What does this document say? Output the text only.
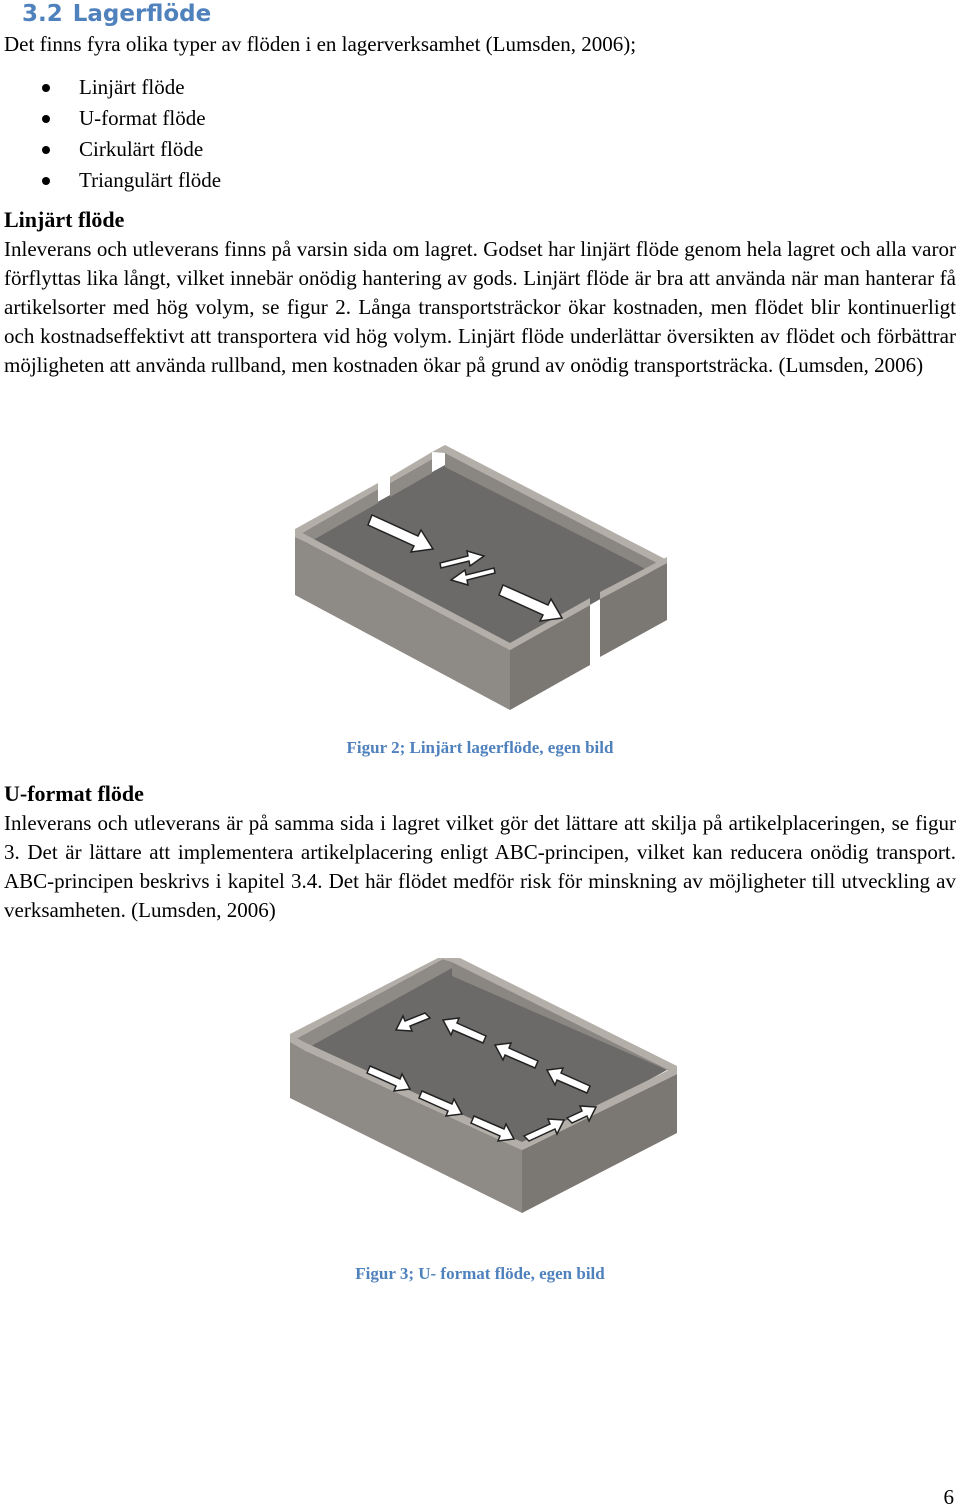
3.2 Lagerflöde
Det finns fyra olika typer av flöden i en lagerverksamhet (Lumsden, 2006);
Linjärt flöde
U-format flöde
Cirkulärt flöde
Triangulärt flöde
Linjärt flöde
Inleverans och utleverans finns på varsin sida om lagret. Godset har linjärt flöde genom hela lagret och alla varor förflyttas lika långt, vilket innebär onödig hantering av gods. Linjärt flöde är bra att använda när man hanterar få artikelsorter med hög volym, se figur 2. Långa transportsträckor ökar kostnaden, men flödet blir kontinuerligt och kostnadseffektivt att transportera vid hög volym. Linjärt flöde underlättar översikten av flödet och förbättrar möjligheten att använda rullband, men kostnaden ökar på grund av onödig transportsträcka. (Lumsden, 2006)
Figur 2; Linjärt lagerflöde, egen bild
U-format flöde
Inleverans och utleverans är på samma sida i lagret vilket gör det lättare att skilja på artikelplaceringen, se figur 3. Det är lättare att implementera artikelplacering enligt ABC-principen, vilket kan reducera onödig transport. ABC-principen beskrivs i kapitel 3.4. Det här flödet medför risk för minskning av möjligheter till utveckling av verksamheten. (Lumsden, 2006)
Figur 3; U- format flöde, egen bild
6
